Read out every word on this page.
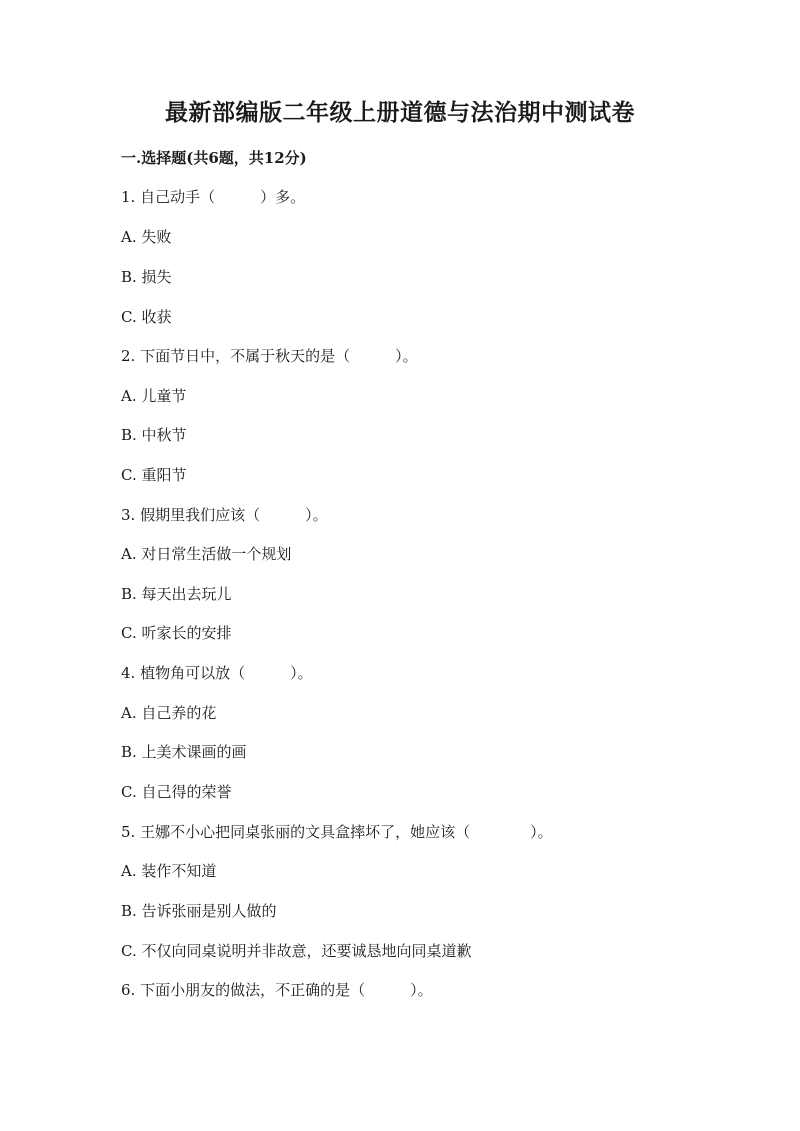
最新部编版二年级上册道德与法治期中测试卷
一.选择题(共6题，共12分)
1. 自己动手（　　　）多。
A. 失败
B. 损失
C. 收获
2. 下面节日中，不属于秋天的是（　　　）。
A. 儿童节
B. 中秋节
C. 重阳节
3. 假期里我们应该（　　　）。
A. 对日常生活做一个规划
B. 每天出去玩儿
C. 听家长的安排
4. 植物角可以放（　　　）。
A. 自己养的花
B. 上美术课画的画
C. 自己得的荣誉
5. 王娜不小心把同桌张丽的文具盒摔坏了，她应该（　　　　）。
A. 装作不知道
B. 告诉张丽是别人做的
C. 不仅向同桌说明并非故意，还要诚恳地向同桌道歉
6. 下面小朋友的做法，不正确的是（　　　）。
